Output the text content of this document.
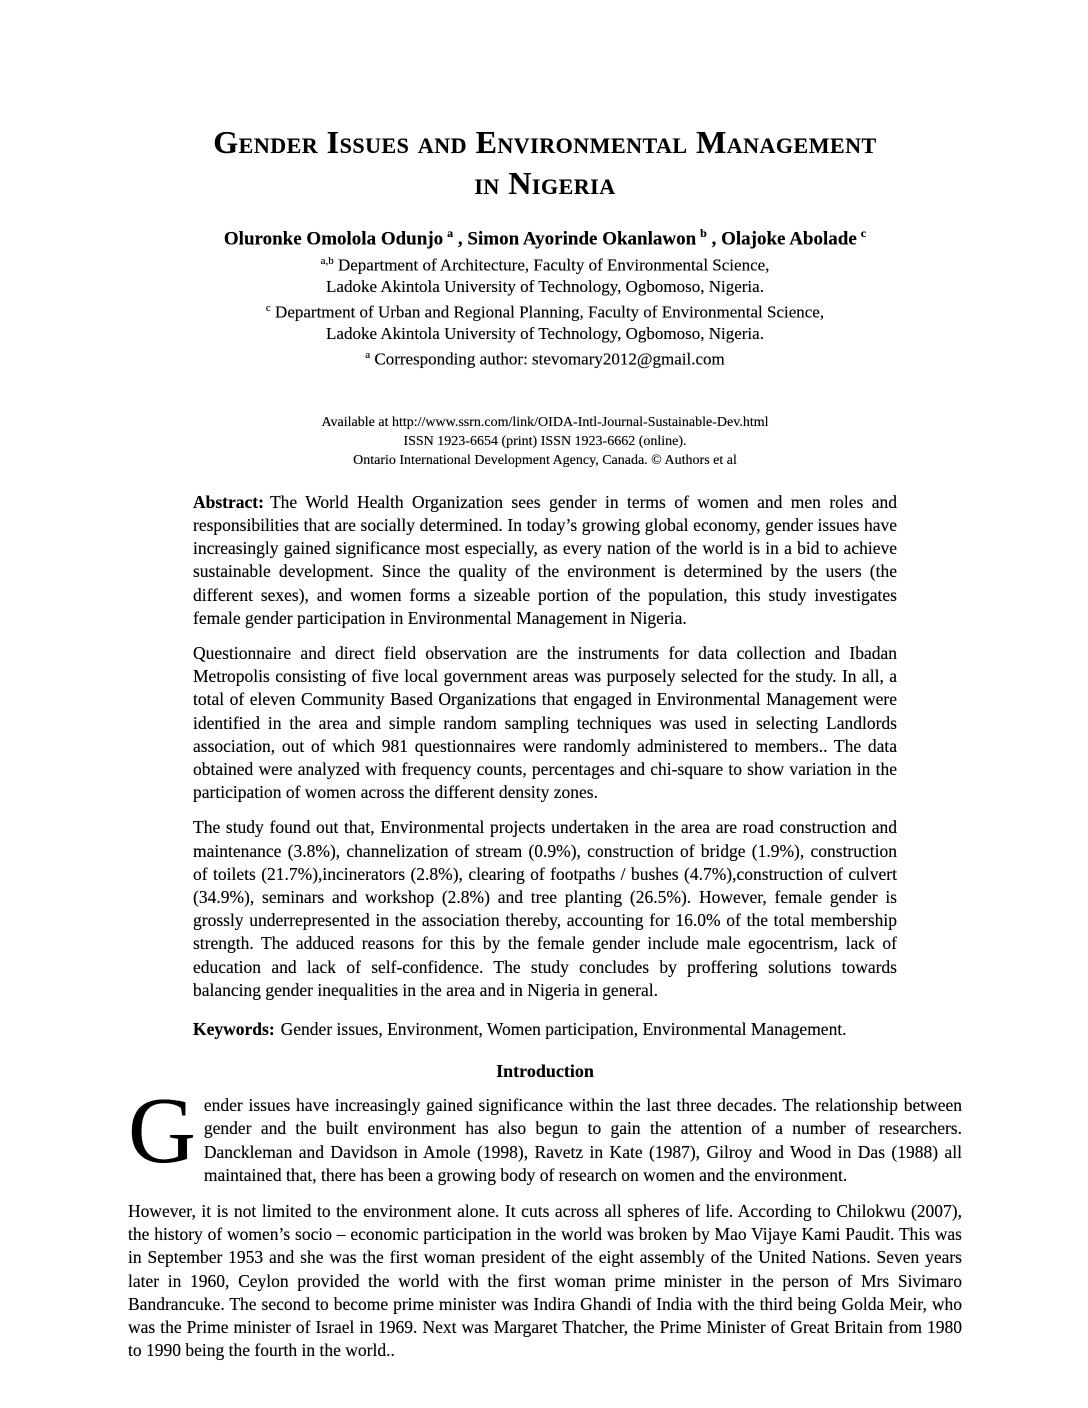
Gender Issues and Environmental Management
in Nigeria
Oluronke Omolola Odunjo $^a$ , Simon Ayorinde Okanlawon $^b$ , Olajoke Abolade $^c$
$^{a,b}$ Department of Architecture, Faculty of Environmental Science,
Ladoke Akintola University of Technology, Ogbomoso, Nigeria.
$^c$ Department of Urban and Regional Planning, Faculty of Environmental Science,
Ladoke Akintola University of Technology, Ogbomoso, Nigeria.
$^a$ Corresponding author: stevomary2012@gmail.com
Available at http://www.ssrn.com/link/OIDA-Intl-Journal-Sustainable-Dev.html
ISSN 1923-6654 (print) ISSN 1923-6662 (online).
Ontario International Development Agency, Canada. © Authors et al

Abstract: The World Health Organization sees gender in terms of women and men roles and responsibilities that are socially determined. In today’s growing global economy, gender issues have increasingly gained significance most especially, as every nation of the world is in a bid to achieve sustainable development. Since the quality of the environment is determined by the users (the different sexes), and women forms a sizeable portion of the population, this study investigates female gender participation in Environmental Management in Nigeria.

Questionnaire and direct field observation are the instruments for data collection and Ibadan Metropolis consisting of five local government areas was purposely selected for the study. In all, a total of eleven Community Based Organizations that engaged in Environmental Management were identified in the area and simple random sampling techniques was used in selecting Landlords association, out of which 981 questionnaires were randomly administered to members.. The data obtained were analyzed with frequency counts, percentages and chi-square to show variation in the participation of women across the different density zones.

The study found out that, Environmental projects undertaken in the area are road construction and maintenance (3.8%), channelization of stream (0.9%), construction of bridge (1.9%), construction of toilets (21.7%),incinerators (2.8%), clearing of footpaths / bushes (4.7%),construction of culvert (34.9%), seminars and workshop (2.8%) and tree planting (26.5%). However, female gender is grossly underrepresented in the association thereby, accounting for 16.0% of the total membership strength. The adduced reasons for this by the female gender include male egocentrism, lack of education and lack of self-confidence. The study concludes by proffering solutions towards balancing gender inequalities in the area and in Nigeria in general.

Keywords: Gender issues, Environment, Women participation, Environmental Management.

Introduction

Gender issues have increasingly gained significance within the last three decades. The relationship between gender and the built environment has also begun to gain the attention of a number of researchers. Danckleman and Davidson in Amole (1998), Ravetz in Kate (1987), Gilroy and Wood in Das (1988) all maintained that, there has been a growing body of research on women and the environment.

However, it is not limited to the environment alone. It cuts across all spheres of life. According to Chilokwu (2007), the history of women’s socio – economic participation in the world was broken by Mao Vijaye Kami Paudit. This was in September 1953 and she was the first woman president of the eight assembly of the United Nations. Seven years later in 1960, Ceylon provided the world with the first woman prime minister in the person of Mrs Sivimaro Bandrancuke. The second to become prime minister was Indira Ghandi of India with the third being Golda Meir, who was the Prime minister of Israel in 1969. Next was Margaret Thatcher, the Prime Minister of Great Britain from 1980 to 1990 being the fourth in the world..
